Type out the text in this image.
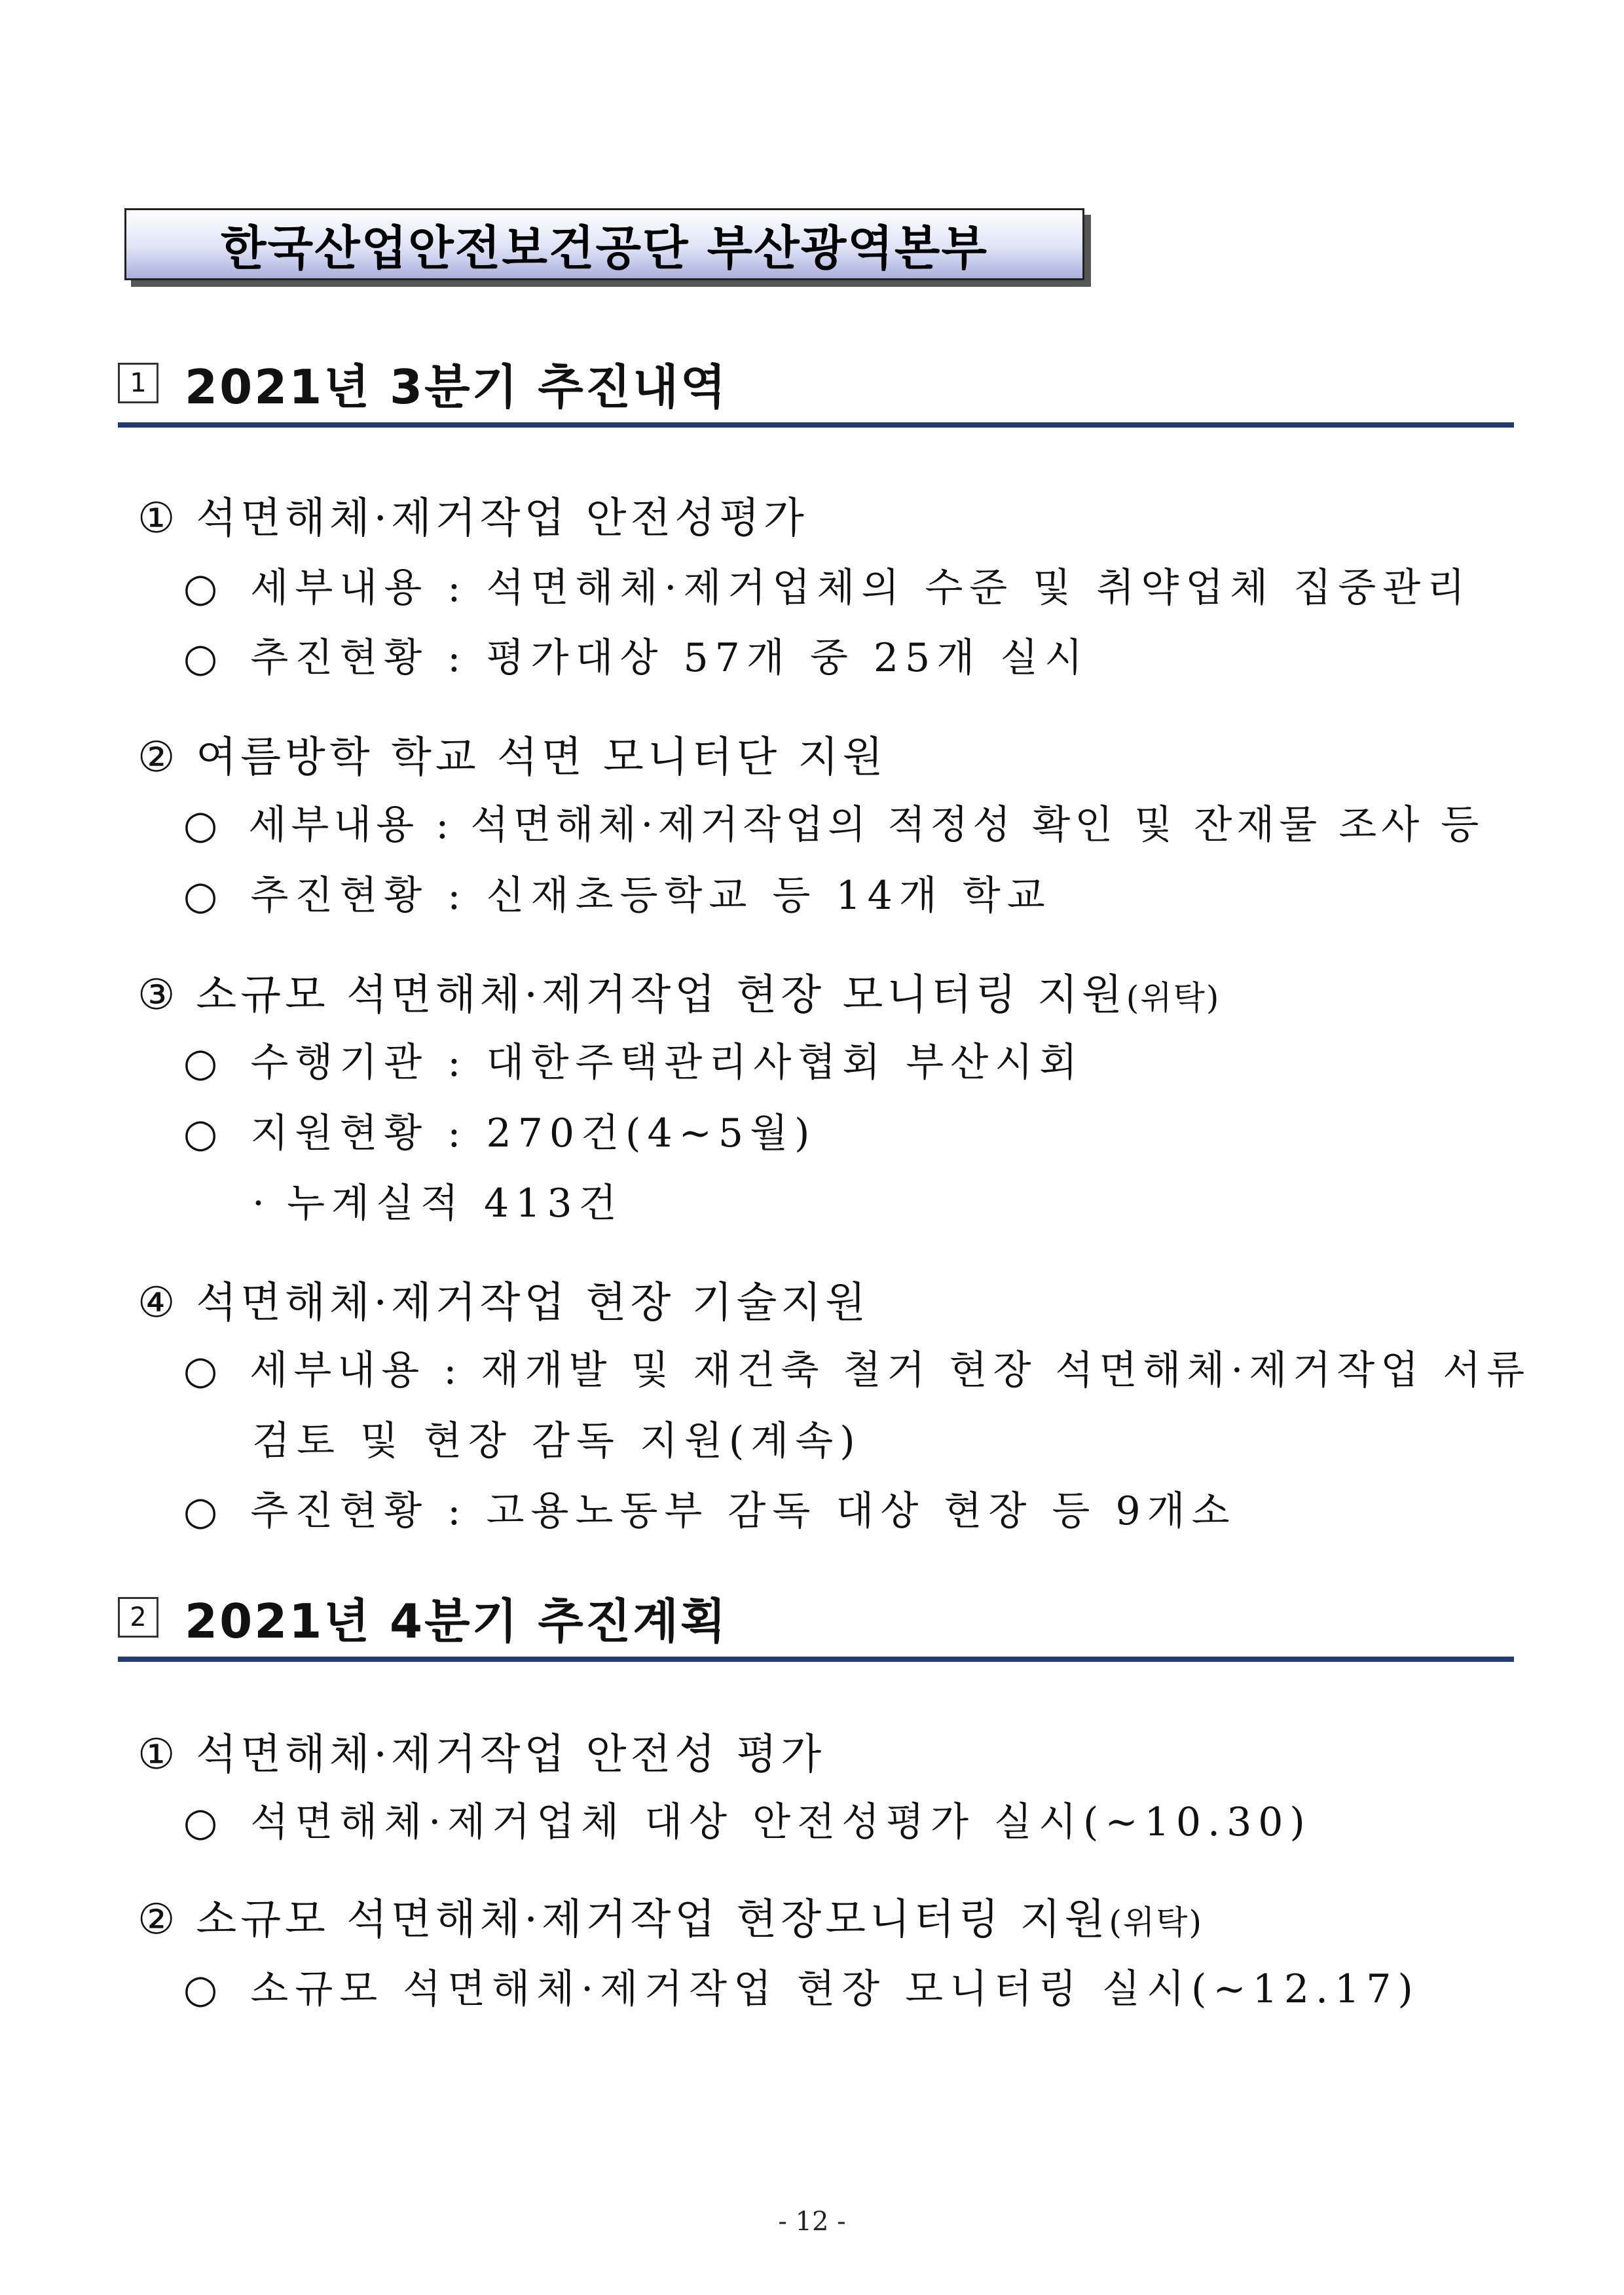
한국산업안전보건공단 부산광역본부
1 2021년 3분기 추진내역
① 석면해체·제거작업 안전성평가
○ 세부내용 : 석면해체·제거업체의 수준 및 취약업체 집중관리
○ 추진현황 : 평가대상 57개 중 25개 실시
② 여름방학 학교 석면 모니터단 지원
○ 세부내용 : 석면해체·제거작업의 적정성 확인 및 잔재물 조사 등
○ 추진현황 : 신재초등학교 등 14개 학교
③ 소규모 석면해체·제거작업 현장 모니터링 지원(위탁)
○ 수행기관 : 대한주택관리사협회 부산시회
○ 지원현황 : 270건(4~5월)
· 누계실적 413건
④ 석면해체·제거작업 현장 기술지원
○ 세부내용 : 재개발 및 재건축 철거 현장 석면해체·제거작업 서류
검토 및 현장 감독 지원(계속)
○ 추진현황 : 고용노동부 감독 대상 현장 등 9개소
2 2021년 4분기 추진계획
① 석면해체·제거작업 안전성 평가
○ 석면해체·제거업체 대상 안전성평가 실시(~10.30)
② 소규모 석면해체·제거작업 현장모니터링 지원(위탁)
○ 소규모 석면해체·제거작업 현장 모니터링 실시(~12.17)
- 12 -
